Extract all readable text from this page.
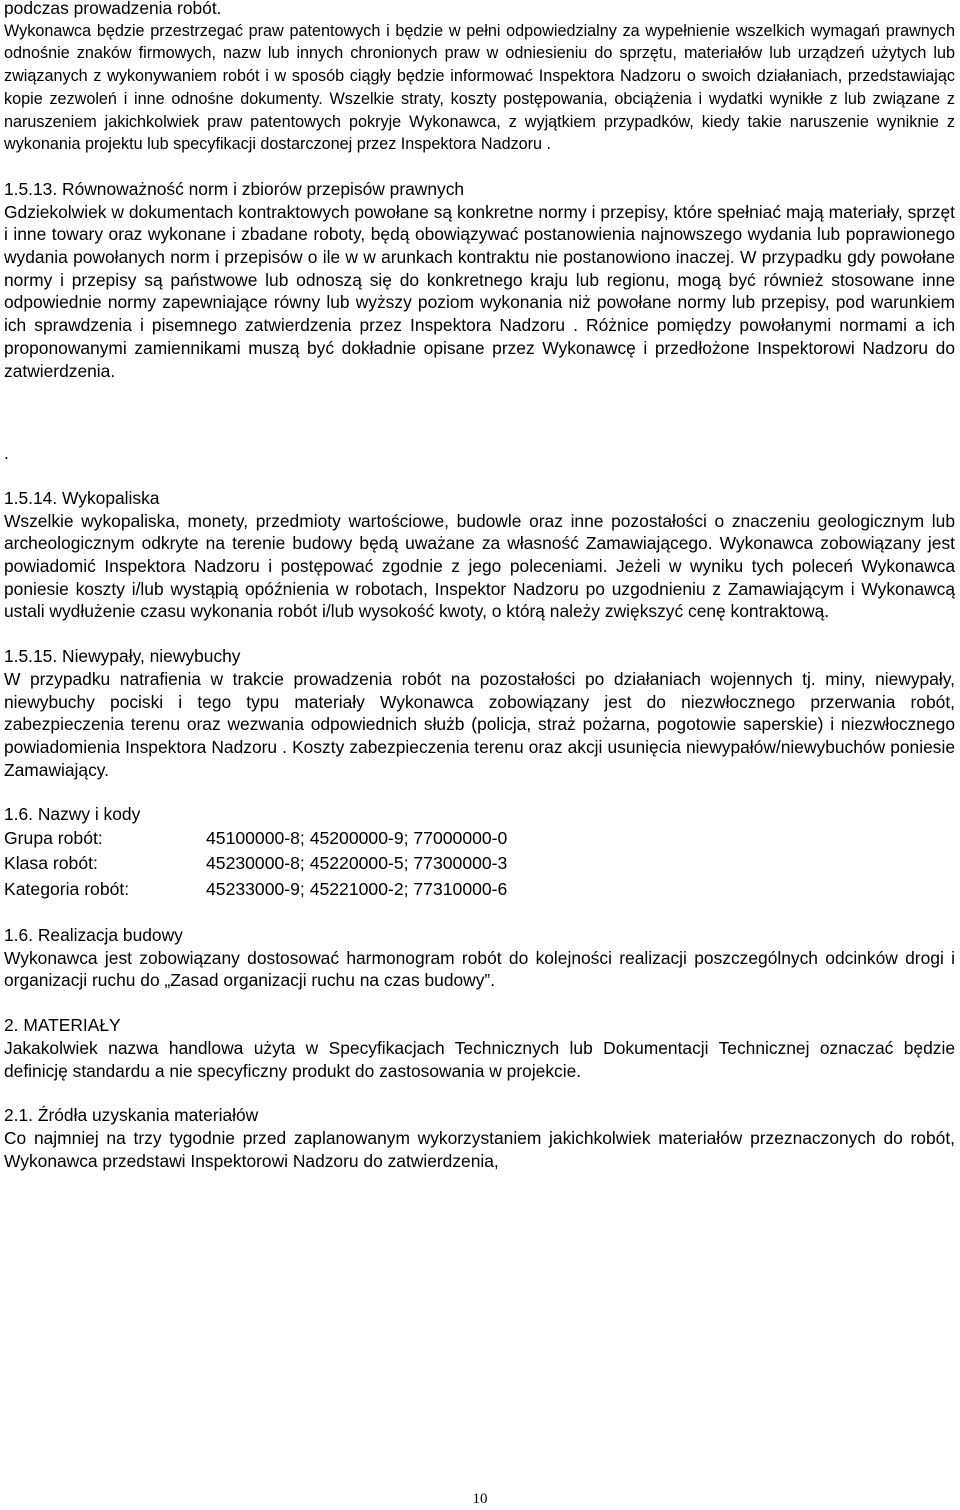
podczas prowadzenia robót.

Wykonawca będzie przestrzegać praw patentowych i będzie w pełni odpowiedzialny za wypełnienie wszelkich wymagań prawnych odnośnie znaków firmowych, nazw lub innych chronionych praw w odniesieniu do sprzętu, materiałów lub urządzeń użytych lub związanych z wykonywaniem robót i w sposób ciągły będzie informować Inspektora Nadzoru o swoich działaniach, przedstawiając kopie zezwoleń i inne odnośne dokumenty. Wszelkie straty, koszty postępowania, obciążenia i wydatki wynikłe z lub związane z naruszeniem jakichkolwiek praw patentowych pokryje Wykonawca, z wyjątkiem przypadków, kiedy takie naruszenie wyniknie z wykonania projektu lub specyfikacji dostarczonej przez Inspektora Nadzoru .

1.5.13. Równoważność norm i zbiorów przepisów prawnych

Gdziekolwiek w dokumentach kontraktowych powołane są konkretne normy i przepisy, które spełniać mają materiały, sprzęt i inne towary oraz wykonane i zbadane roboty, będą obowiązywać postanowienia najnowszego wydania lub poprawionego wydania powołanych norm i przepisów o ile w w arunkach kontraktu nie postanowiono inaczej. W przypadku gdy powołane normy i przepisy są państwowe lub odnoszą się do konkretnego kraju lub regionu, mogą być również stosowane inne odpowiednie normy zapewniające równy lub wyższy poziom wykonania niż powołane normy lub przepisy, pod warunkiem ich sprawdzenia i pisemnego zatwierdzenia przez Inspektora Nadzoru . Różnice pomiędzy powołanymi normami a ich proponowanymi zamiennikami muszą być dokładnie opisane przez Wykonawcę i przedłożone Inspektorowi Nadzoru do zatwierdzenia.

.

1.5.14. Wykopaliska

Wszelkie wykopaliska, monety, przedmioty wartościowe, budowle oraz inne pozostałości o znaczeniu geologicznym lub archeologicznym odkryte na terenie budowy będą uważane za własność Zamawiającego. Wykonawca zobowiązany jest powiadomić Inspektora Nadzoru i postępować zgodnie z jego poleceniami. Jeżeli w wyniku tych poleceń Wykonawca poniesie koszty i/lub wystąpią opóźnienia w robotach, Inspektor Nadzoru po uzgodnieniu z Zamawiającym i Wykonawcą ustali wydłużenie czasu wykonania robót i/lub wysokość kwoty, o którą należy zwiększyć cenę kontraktową.

1.5.15. Niewypały, niewybuchy

W przypadku natrafienia w trakcie prowadzenia robót na pozostałości po działaniach wojennych tj. miny, niewypały, niewybuchy pociski i tego typu materiały Wykonawca zobowiązany jest do niezwłocznego przerwania robót, zabezpieczenia terenu oraz wezwania odpowiednich służb (policja, straż pożarna, pogotowie saperskie) i niezwłocznego powiadomienia Inspektora Nadzoru . Koszty zabezpieczenia terenu oraz akcji usunięcia niewypałów/niewybuchów poniesie Zamawiający.

1.6. Nazwy i kody

Grupa robót:	45100000-8; 45200000-9; 77000000-0
Klasa robót:	45230000-8; 45220000-5; 77300000-3
Kategoria robót:	45233000-9; 45221000-2; 77310000-6

1.6. Realizacja budowy

Wykonawca jest zobowiązany dostosować harmonogram robót do kolejności realizacji poszczególnych odcinków drogi i organizacji ruchu do „Zasad organizacji ruchu na czas budowy”.

2. MATERIAŁY

Jakakolwiek nazwa handlowa użyta w Specyfikacjach Technicznych lub Dokumentacji Technicznej oznaczać będzie definicję standardu a nie specyficzny produkt do zastosowania w projekcie.

2.1. Źródła uzyskania materiałów

Co najmniej na trzy tygodnie przed zaplanowanym wykorzystaniem jakichkolwiek materiałów przeznaczonych do robót, Wykonawca przedstawi Inspektorowi Nadzoru do zatwierdzenia,

10
